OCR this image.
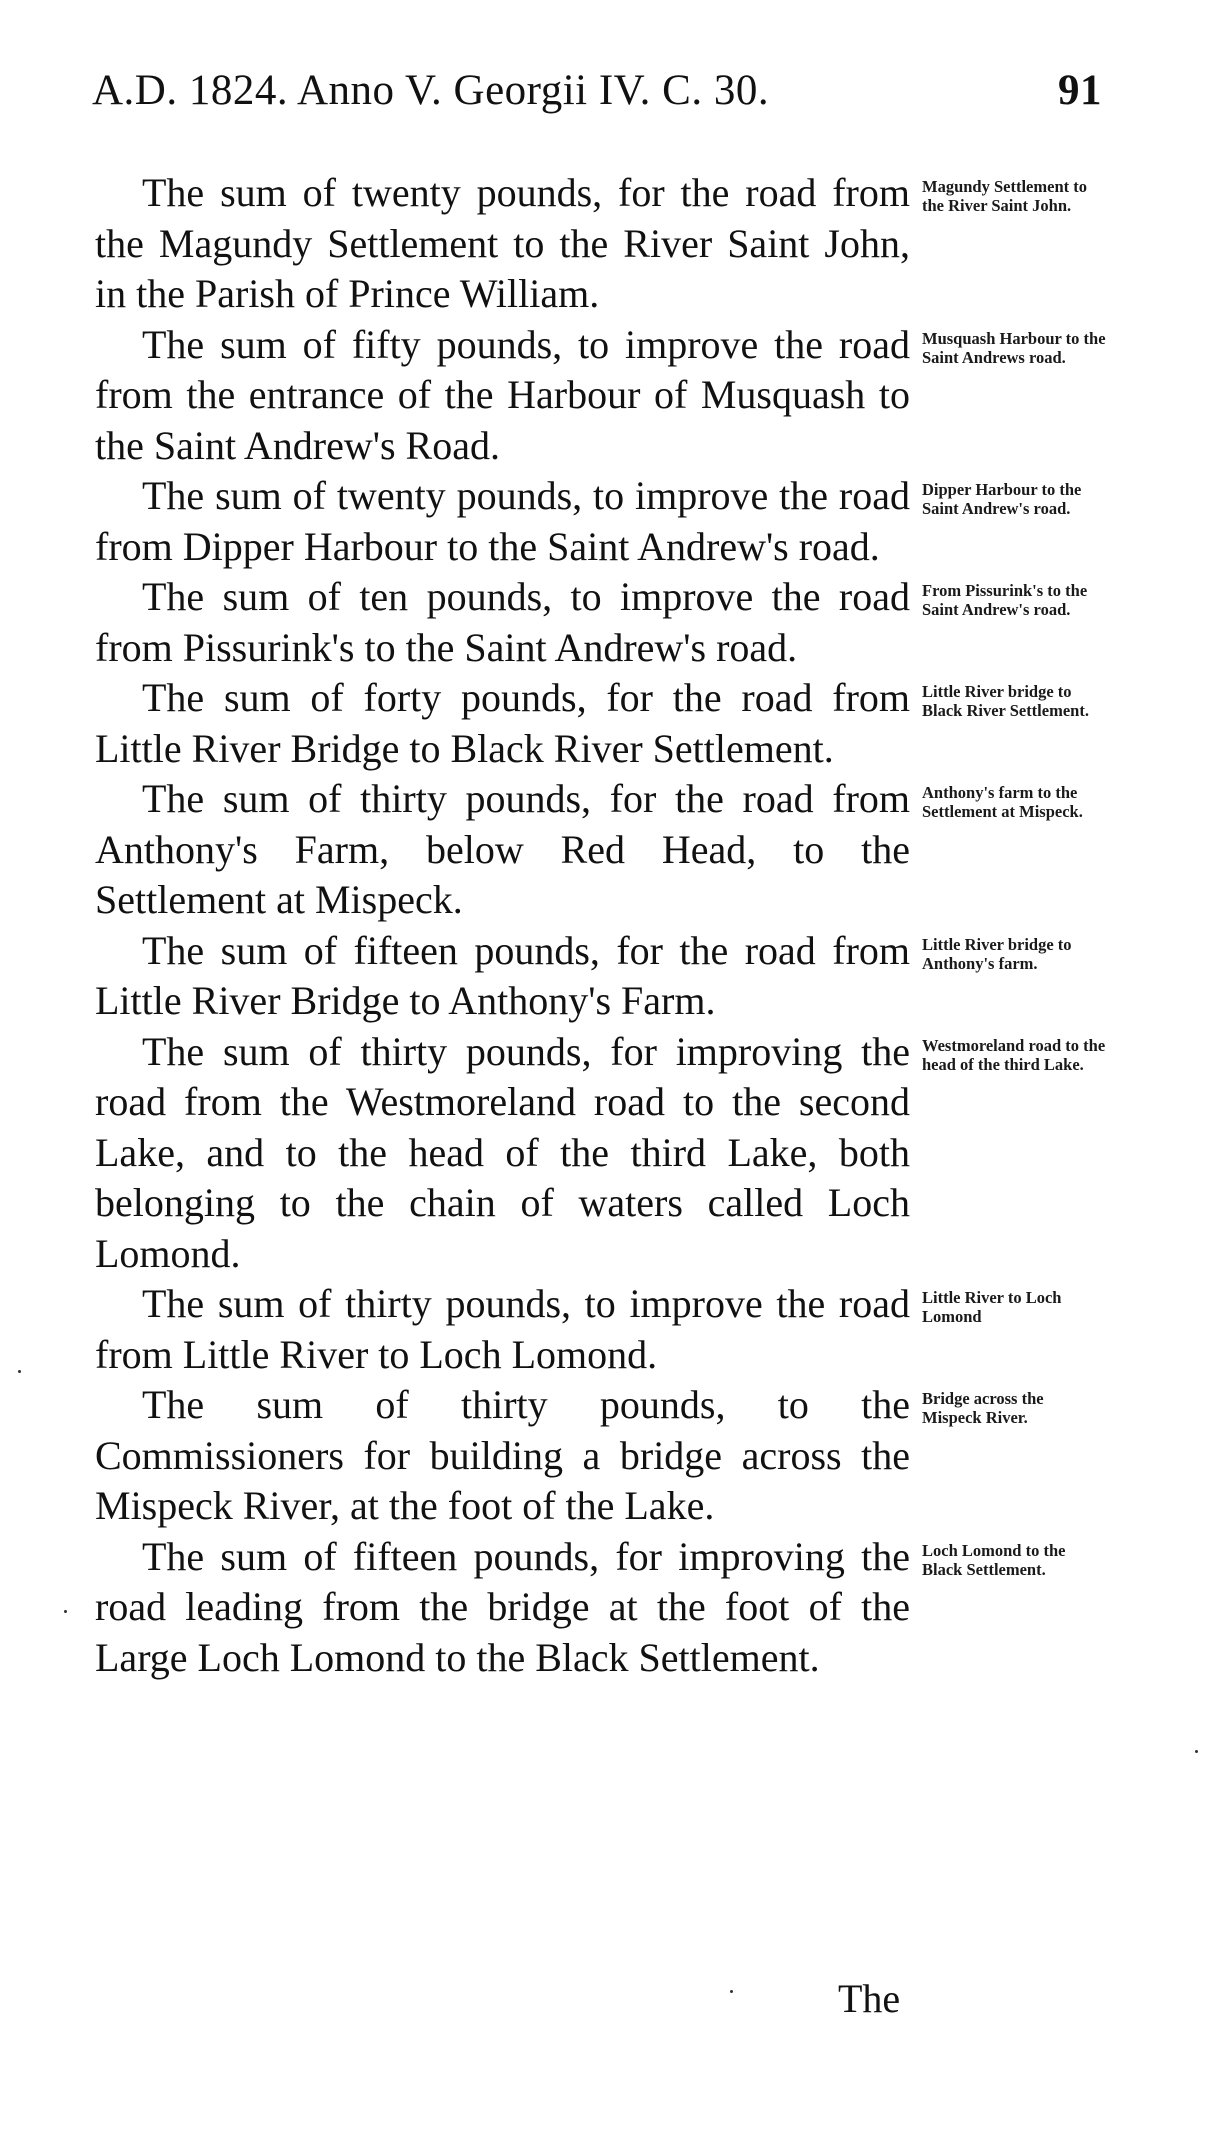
A.D. 1824. Anno V. Georgii IV. C. 30.	91
The sum of twenty pounds, for the road from the Magundy Settlement to the River Saint John, in the Parish of Prince William.
Magundy Settlement to the River Saint John.
The sum of fifty pounds, to improve the road from the entrance of the Harbour of Musquash to the Saint Andrew's Road.
Musquash Harbour to the Saint Andrews road.
The sum of twenty pounds, to improve the road from Dipper Harbour to the Saint Andrew's road.
Dipper Harbour to the Saint Andrew's road.
The sum of ten pounds, to improve the road from Pissurink's to the Saint Andrew's road.
From Pissurink's to the Saint Andrew's road.
The sum of forty pounds, for the road from Little River Bridge to Black River Settlement.
Little River bridge to Black River Settlement.
The sum of thirty pounds, for the road from Anthony's Farm, below Red Head, to the Settlement at Mispeck.
Anthony's farm to the Settlement at Mispeck.
The sum of fifteen pounds, for the road from Little River Bridge to Anthony's Farm.
Little River bridge to Anthony's farm.
The sum of thirty pounds, for improving the road from the Westmoreland road to the second Lake, and to the head of the third Lake, both belonging to the chain of waters called Loch Lomond.
Westmoreland road to the head of the third Lake.
The sum of thirty pounds, to improve the road from Little River to Loch Lomond.
Little River to Loch Lomond
The sum of thirty pounds, to the Commissioners for building a bridge across the Mispeck River, at the foot of the Lake.
Bridge across the Mispeck River.
The sum of fifteen pounds, for improving the road leading from the bridge at the foot of the Large Loch Lomond to the Black Settlement.
Loch Lomond to the Black Settlement.
The
